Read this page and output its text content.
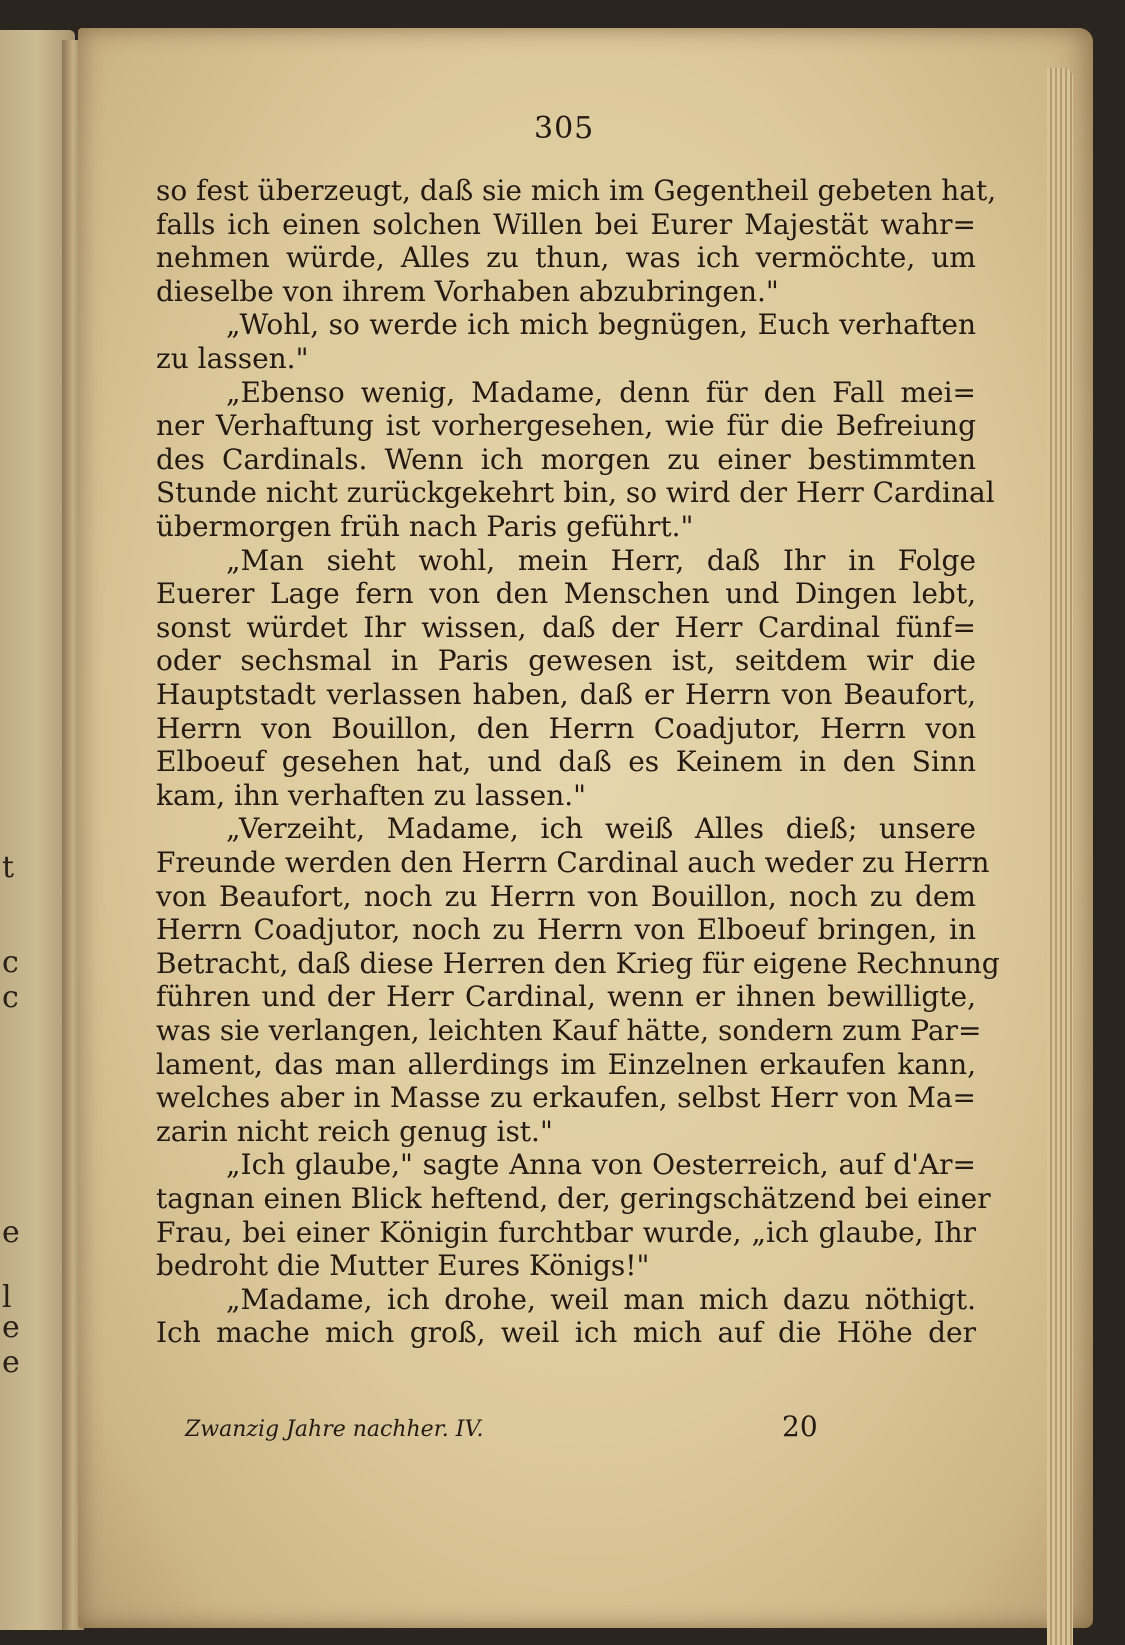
t
c
c
e
l
e
e
305
so fest überzeugt, daß sie mich im Gegentheil gebeten hat,
falls ich einen solchen Willen bei Eurer Majestät wahr=
nehmen würde, Alles zu thun, was ich vermöchte, um
dieselbe von ihrem Vorhaben abzubringen."
„Wohl, so werde ich mich begnügen, Euch verhaften
zu lassen."
„Ebenso wenig, Madame, denn für den Fall mei=
ner Verhaftung ist vorhergesehen, wie für die Befreiung
des Cardinals. Wenn ich morgen zu einer bestimmten
Stunde nicht zurückgekehrt bin, so wird der Herr Cardinal
übermorgen früh nach Paris geführt."
„Man sieht wohl, mein Herr, daß Ihr in Folge
Euerer Lage fern von den Menschen und Dingen lebt,
sonst würdet Ihr wissen, daß der Herr Cardinal fünf=
oder sechsmal in Paris gewesen ist, seitdem wir die
Hauptstadt verlassen haben, daß er Herrn von Beaufort,
Herrn von Bouillon, den Herrn Coadjutor, Herrn von
Elboeuf gesehen hat, und daß es Keinem in den Sinn
kam, ihn verhaften zu lassen."
„Verzeiht, Madame, ich weiß Alles dieß; unsere
Freunde werden den Herrn Cardinal auch weder zu Herrn
von Beaufort, noch zu Herrn von Bouillon, noch zu dem
Herrn Coadjutor, noch zu Herrn von Elboeuf bringen, in
Betracht, daß diese Herren den Krieg für eigene Rechnung
führen und der Herr Cardinal, wenn er ihnen bewilligte,
was sie verlangen, leichten Kauf hätte, sondern zum Par=
lament, das man allerdings im Einzelnen erkaufen kann,
welches aber in Masse zu erkaufen, selbst Herr von Ma=
zarin nicht reich genug ist."
„Ich glaube," sagte Anna von Oesterreich, auf d'Ar=
tagnan einen Blick heftend, der, geringschätzend bei einer
Frau, bei einer Königin furchtbar wurde, „ich glaube, Ihr
bedroht die Mutter Eures Königs!"
„Madame, ich drohe, weil man mich dazu nöthigt.
Ich mache mich groß, weil ich mich auf die Höhe der
Zwanzig Jahre nachher. IV.	20
